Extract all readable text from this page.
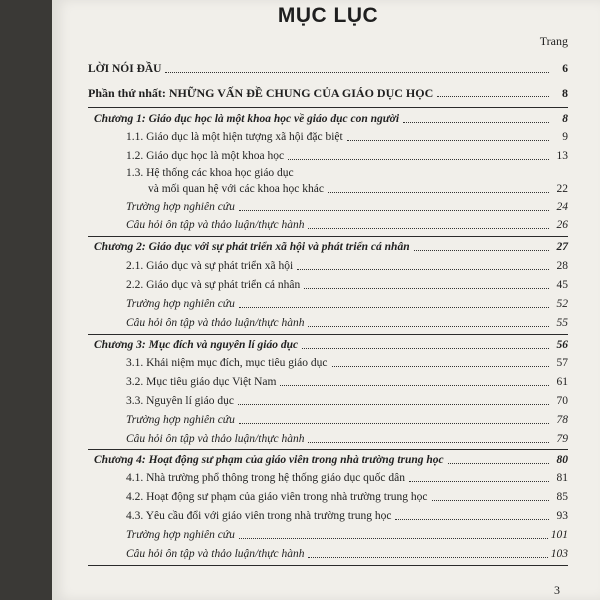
MỤC LỤC
Trang
LỜI NÓI ĐẦU	6
Phần thứ nhất: NHỮNG VẤN ĐỀ CHUNG CỦA GIÁO DỤC HỌC	8
Chương 1: Giáo dục học là một khoa học về giáo dục con người	8
1.1. Giáo dục là một hiện tượng xã hội đặc biệt	9
1.2. Giáo dục học là một khoa học	13
1.3. Hệ thống các khoa học giáo dục
và mối quan hệ với các khoa học khác	22
Trường hợp nghiên cứu	24
Câu hỏi ôn tập và thảo luận/thực hành	26
Chương 2: Giáo dục với sự phát triển xã hội và phát triển cá nhân	27
2.1. Giáo dục và sự phát triển xã hội	28
2.2. Giáo dục và sự phát triển cá nhân	45
Trường hợp nghiên cứu	52
Câu hỏi ôn tập và thảo luận/thực hành	55
Chương 3: Mục đích và nguyên lí giáo dục	56
3.1. Khái niệm mục đích, mục tiêu giáo dục	57
3.2. Mục tiêu giáo dục Việt Nam	61
3.3. Nguyên lí giáo dục	70
Trường hợp nghiên cứu	78
Câu hỏi ôn tập và thảo luận/thực hành	79
Chương 4: Hoạt động sư phạm của giáo viên trong nhà trường trung học	80
4.1. Nhà trường phổ thông trong hệ thống giáo dục quốc dân	81
4.2. Hoạt động sư phạm của giáo viên trong nhà trường trung học	85
4.3. Yêu cầu đổi với giáo viên trong nhà trường trung học	93
Trường hợp nghiên cứu	101
Câu hỏi ôn tập và thảo luận/thực hành	103
3
